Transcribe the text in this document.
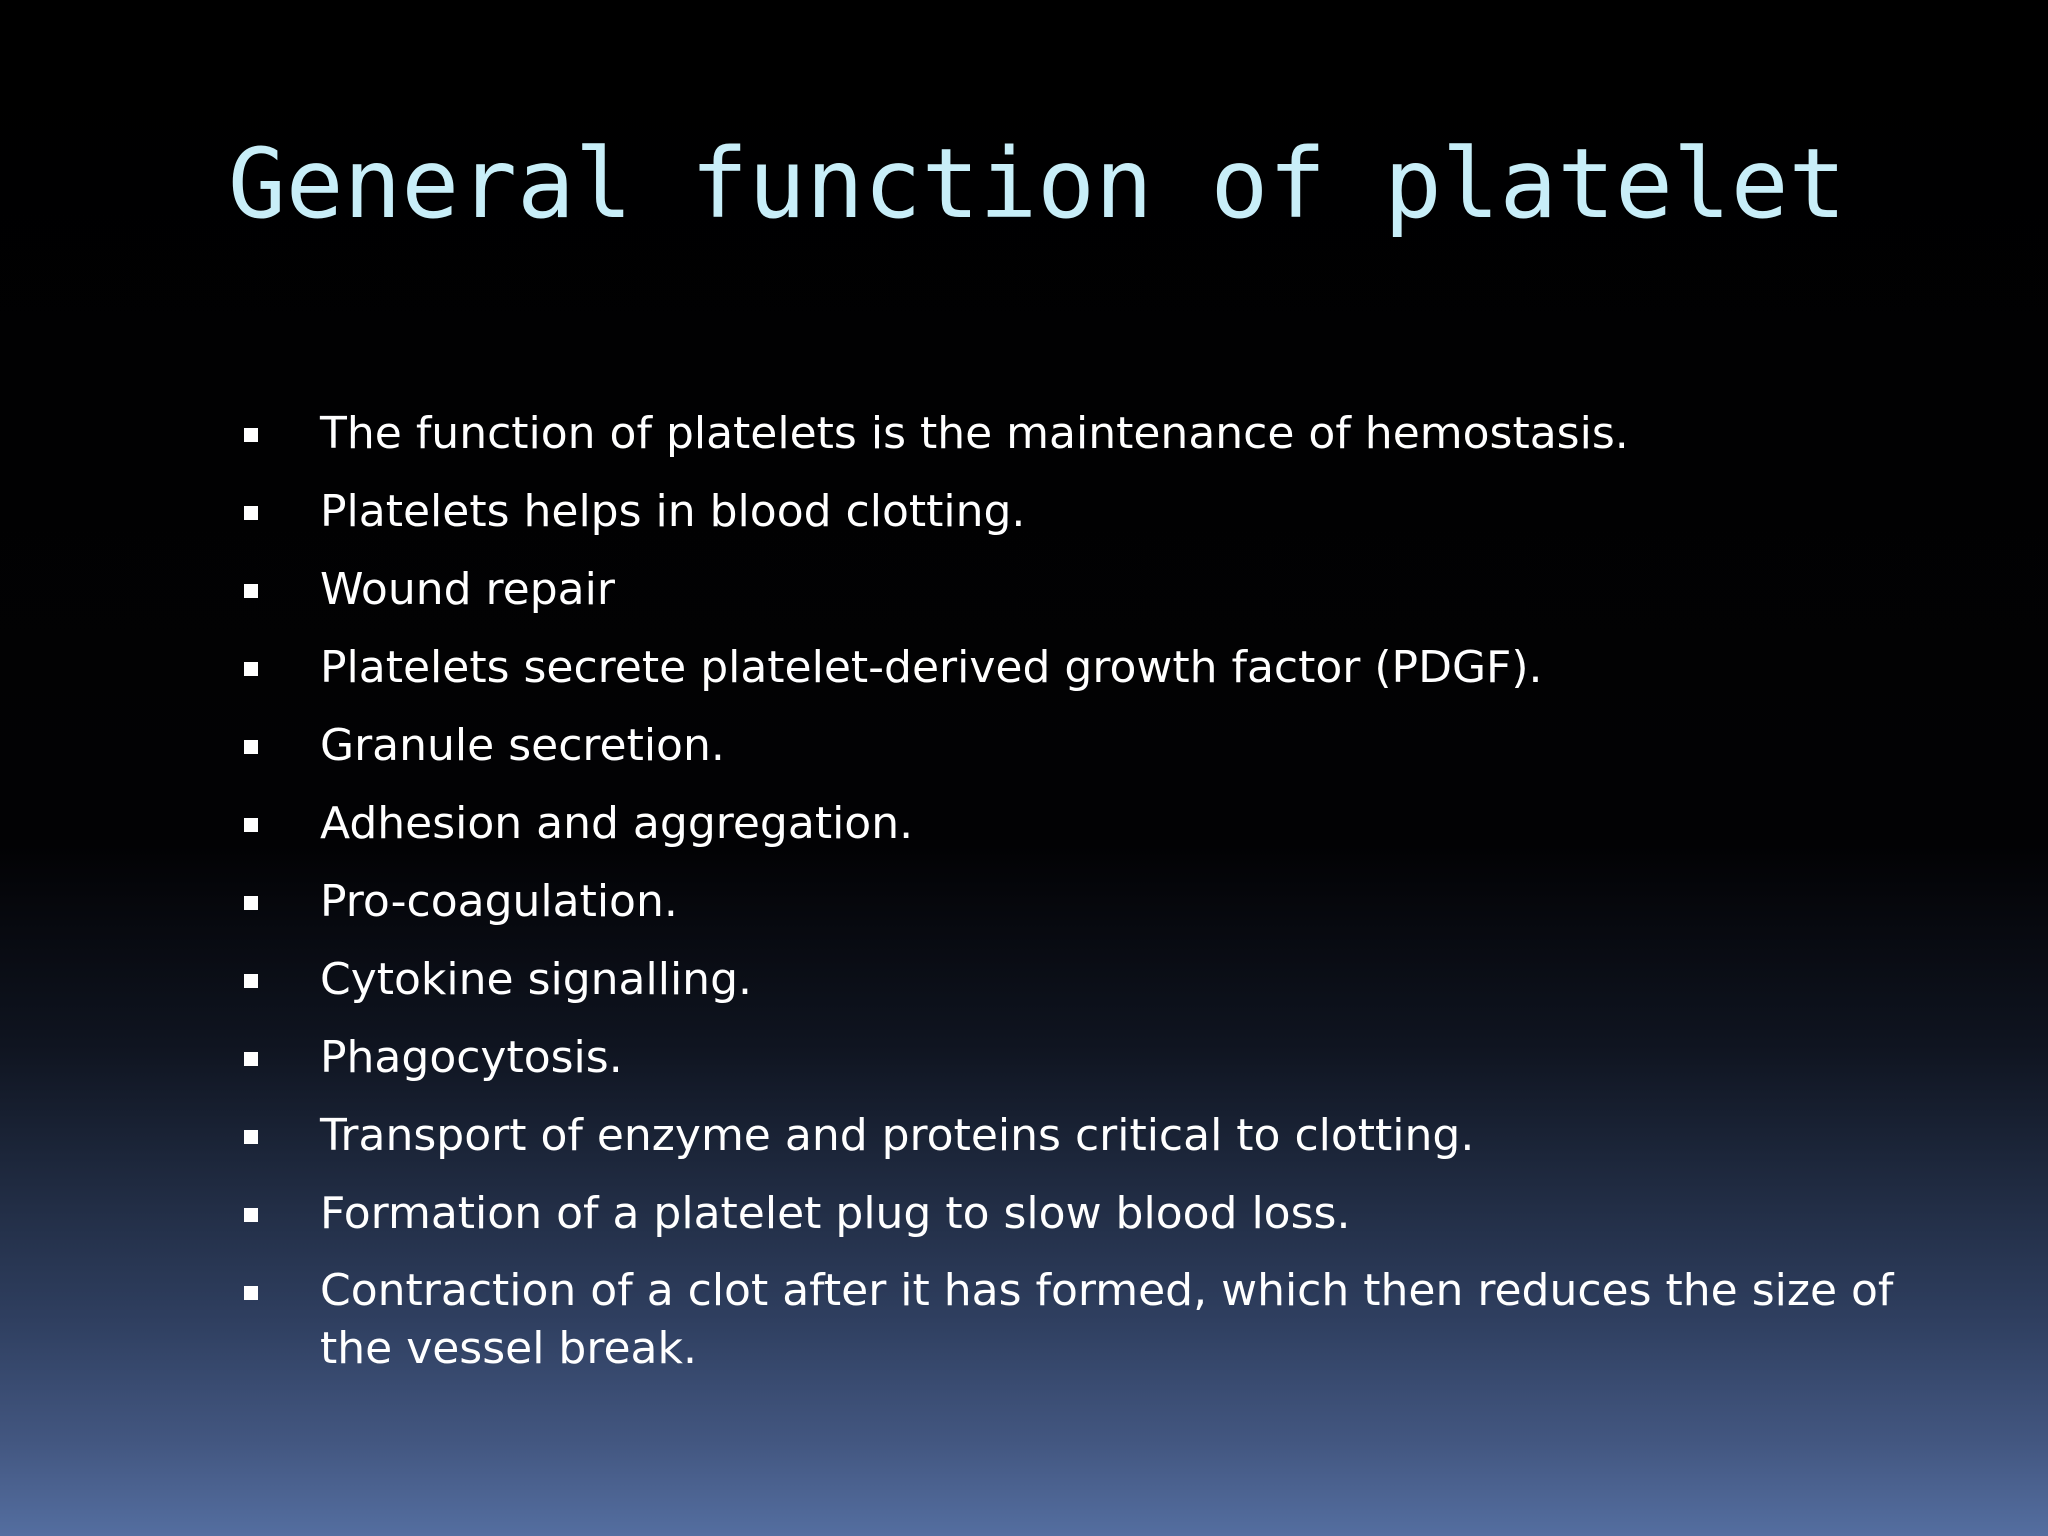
General function of platelet
The function of platelets is the maintenance of hemostasis.
Platelets helps in blood clotting.
Wound repair
Platelets secrete platelet-derived growth factor (PDGF).
Granule secretion.
Adhesion and aggregation.
Pro-coagulation.
Cytokine signalling.
Phagocytosis.
Transport of enzyme and proteins critical to clotting.
Formation of a platelet plug to slow blood loss.
Contraction of a clot after it has formed, which then reduces the size of the vessel break.
